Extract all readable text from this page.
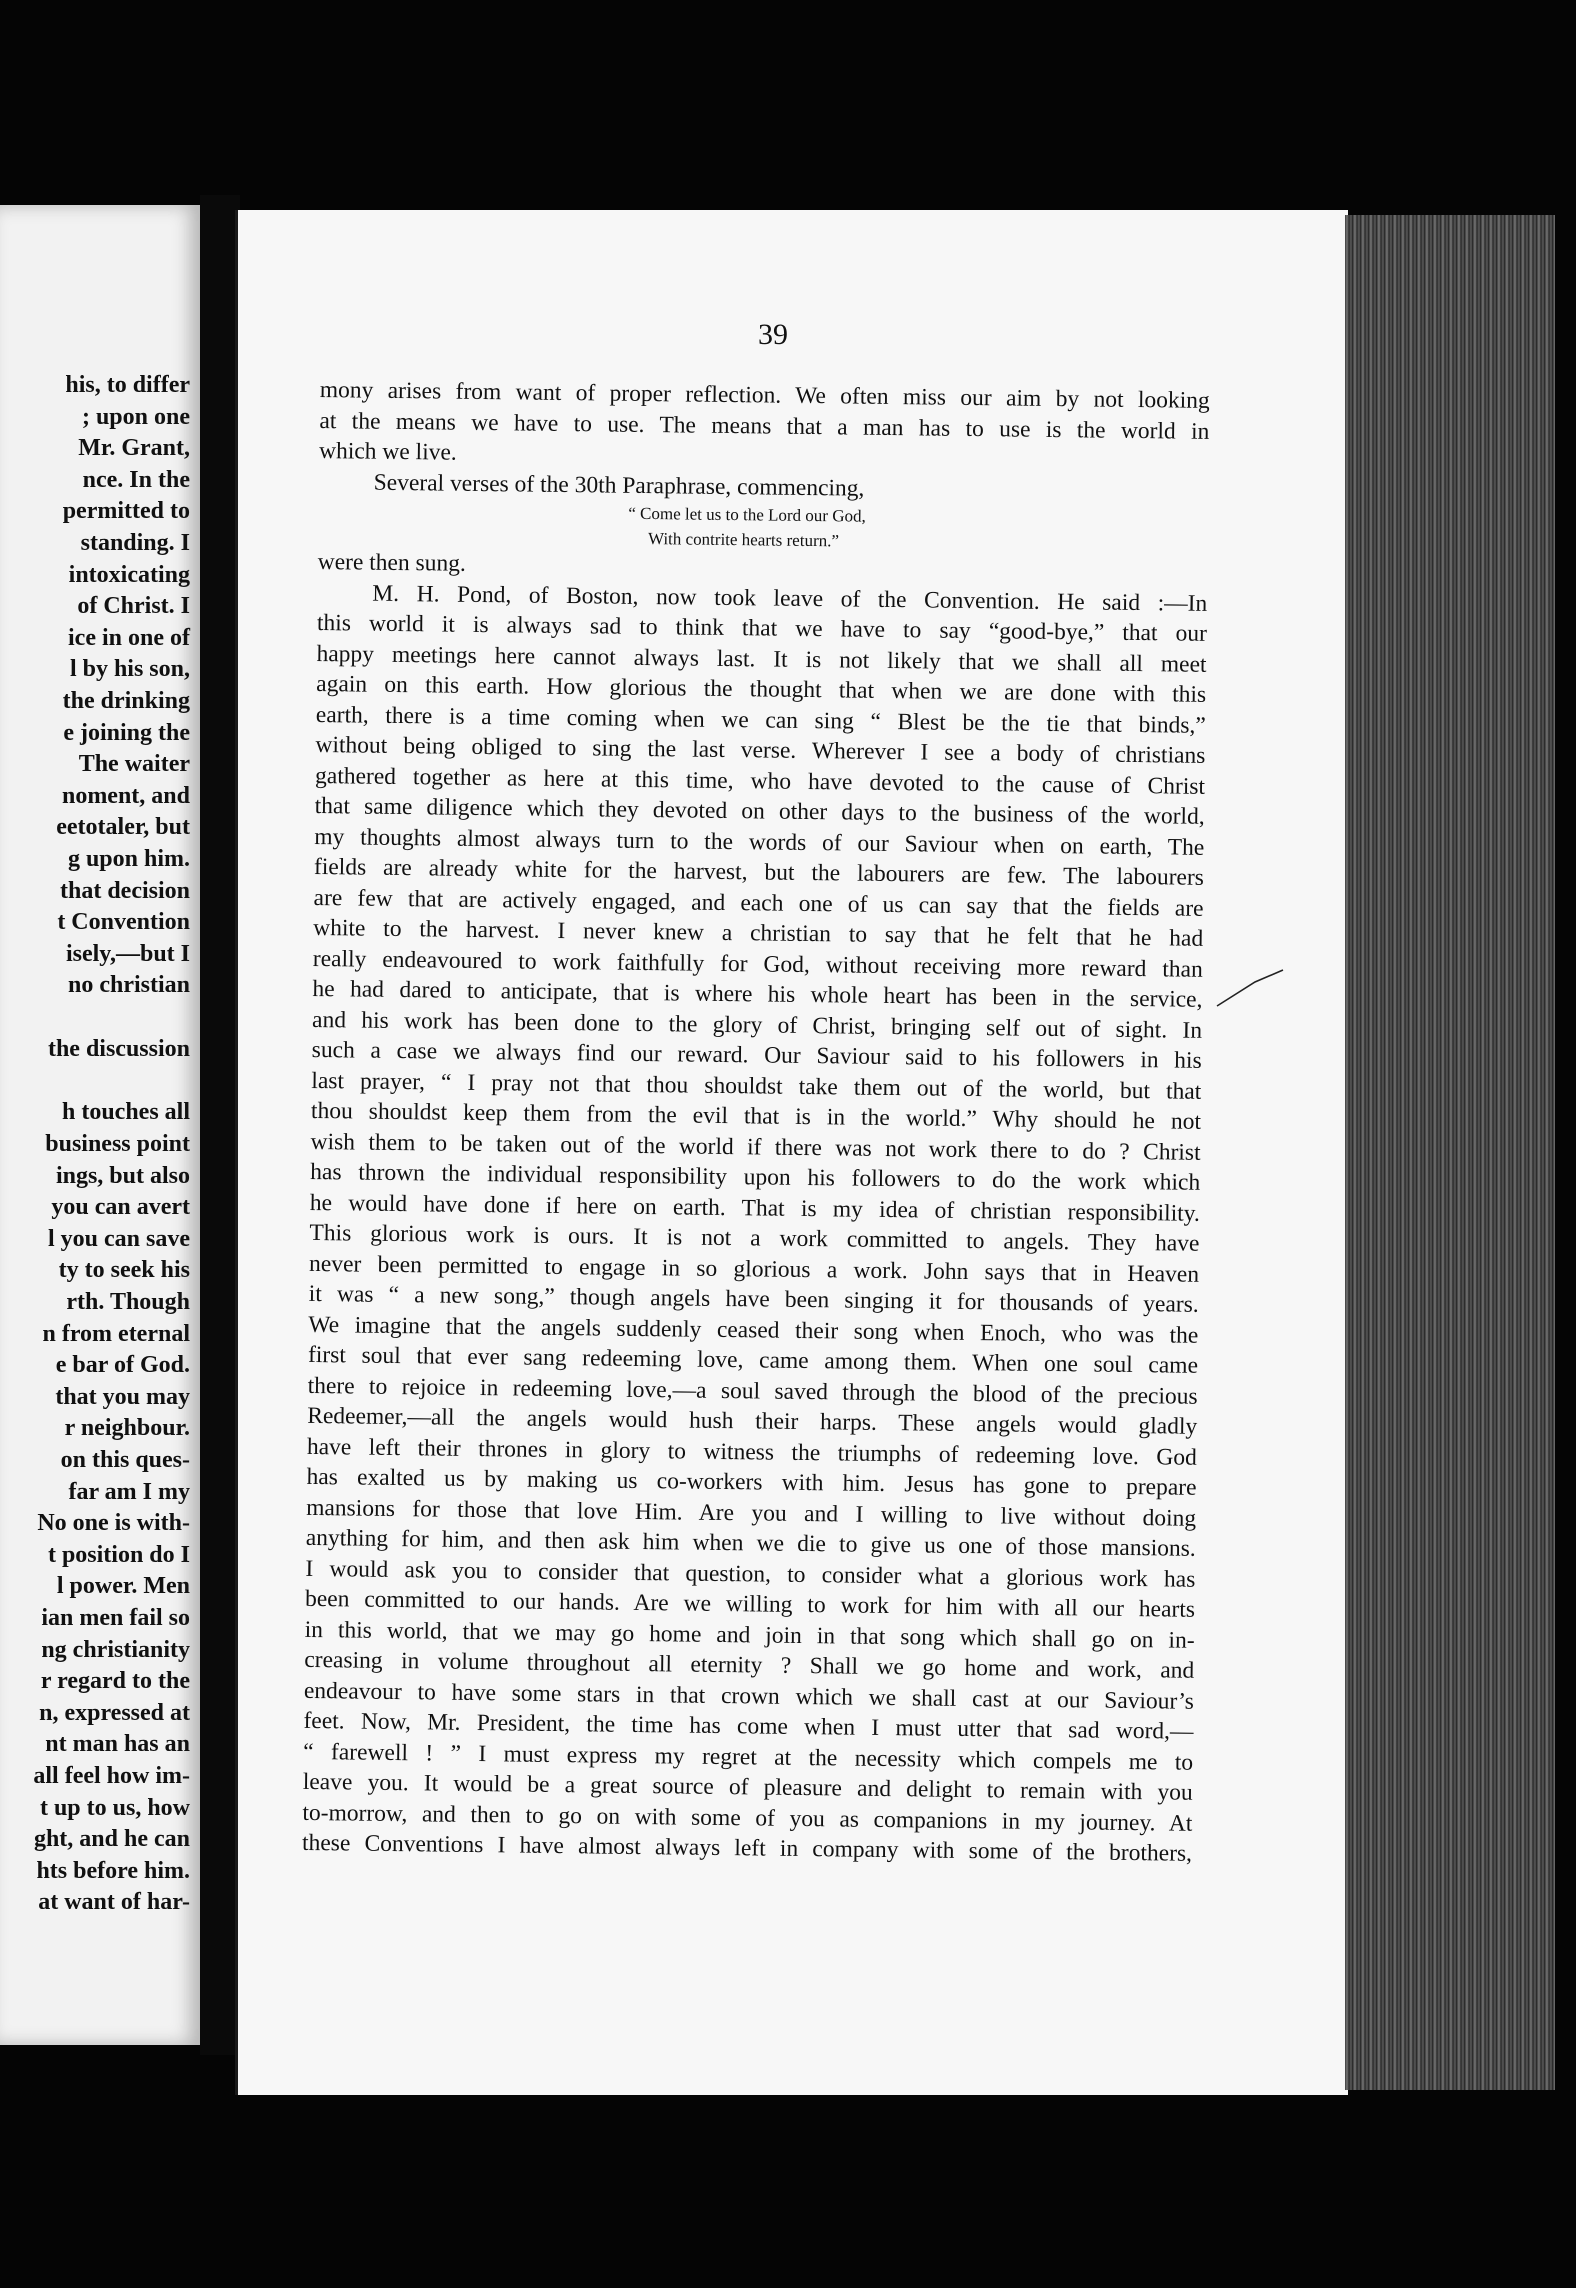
his, to differ
; upon one
Mr. Grant,
nce. In the
permitted to
standing. I
intoxicating
of Christ. I
ice in one of
l by his son,
the drinking
e joining the
The waiter
noment, and
eetotaler, but
g upon him.
that decision
t Convention
isely,—but I
no christian
the discussion
h touches all
business point
ings, but also
you can avert
l you can save
ty to seek his
rth. Though
n from eternal
e bar of God.
that you may
r neighbour.
on this ques-
far am I my
No one is with-
t position do I
l power. Men
ian men fail so
ng christianity
r regard to the
n, expressed at
nt man has an
all feel how im-
t up to us, how
ght, and he can
hts before him.
at want of har-
39
mony arises from want of proper reflection. We often miss our aim by not looking
at the means we have to use. The means that a man has to use is the world in
which we live.
Several verses of the 30th Paraphrase, commencing,
“ Come let us to the Lord our God,
With contrite hearts return.”
were then sung.
M. H. Pond, of Boston, now took leave of the Convention. He said :—In
this world it is always sad to think that we have to say “good-bye,” that our
happy meetings here cannot always last. It is not likely that we shall all meet
again on this earth. How glorious the thought that when we are done with this
earth, there is a time coming when we can sing “ Blest be the tie that binds,”
without being obliged to sing the last verse. Wherever I see a body of christians
gathered together as here at this time, who have devoted to the cause of Christ
that same diligence which they devoted on other days to the business of the world,
my thoughts almost always turn to the words of our Saviour when on earth, The
fields are already white for the harvest, but the labourers are few. The labourers
are few that are actively engaged, and each one of us can say that the fields are
white to the harvest. I never knew a christian to say that he felt that he had
really endeavoured to work faithfully for God, without receiving more reward than
he had dared to anticipate, that is where his whole heart has been in the service,
and his work has been done to the glory of Christ, bringing self out of sight. In
such a case we always find our reward. Our Saviour said to his followers in his
last prayer, “ I pray not that thou shouldst take them out of the world, but that
thou shouldst keep them from the evil that is in the world.” Why should he not
wish them to be taken out of the world if there was not work there to do ? Christ
has thrown the individual responsibility upon his followers to do the work which
he would have done if here on earth. That is my idea of christian responsibility.
This glorious work is ours. It is not a work committed to angels. They have
never been permitted to engage in so glorious a work. John says that in Heaven
it was “ a new song,” though angels have been singing it for thousands of years.
We imagine that the angels suddenly ceased their song when Enoch, who was the
first soul that ever sang redeeming love, came among them. When one soul came
there to rejoice in redeeming love,—a soul saved through the blood of the precious
Redeemer,—all the angels would hush their harps. These angels would gladly
have left their thrones in glory to witness the triumphs of redeeming love. God
has exalted us by making us co-workers with him. Jesus has gone to prepare
mansions for those that love Him. Are you and I willing to live without doing
anything for him, and then ask him when we die to give us one of those mansions.
I would ask you to consider that question, to consider what a glorious work has
been committed to our hands. Are we willing to work for him with all our hearts
in this world, that we may go home and join in that song which shall go on in-
creasing in volume throughout all eternity ? Shall we go home and work, and
endeavour to have some stars in that crown which we shall cast at our Saviour’s
feet. Now, Mr. President, the time has come when I must utter that sad word,—
“ farewell ! ” I must express my regret at the necessity which compels me to
leave you. It would be a great source of pleasure and delight to remain with you
to-morrow, and then to go on with some of you as companions in my journey. At
these Conventions I have almost always left in company with some of the brothers,
